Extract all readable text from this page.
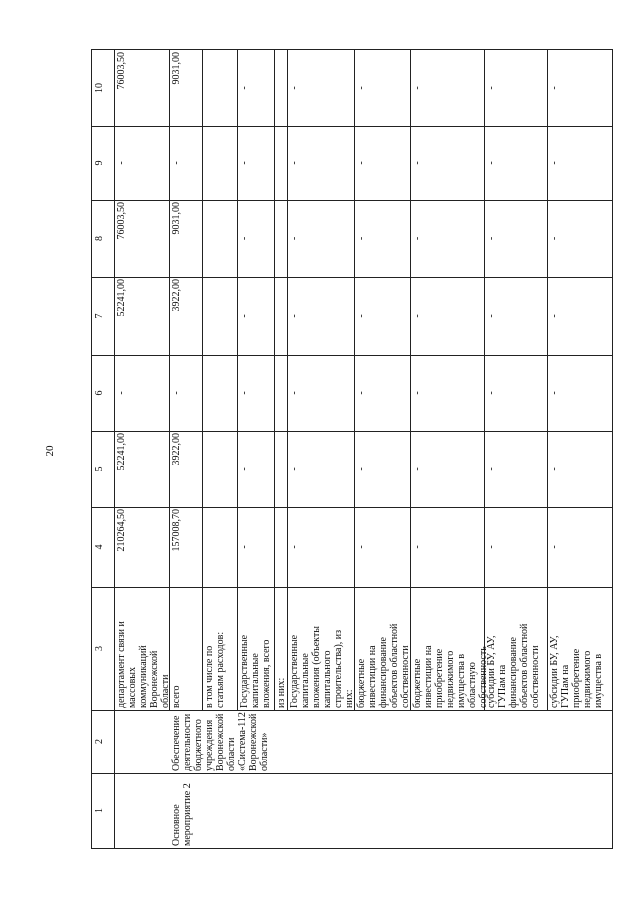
20
1
2
3
4
5
6
7
8
9
10
Основное
мероприятие 2
Обеспечение
деятельности
бюджетного
учреждения
Воронежской
области
«Система-112
Воронежской
области»
департамент связи и
массовых
коммуникаций
Воронежской
области
210264,50
52241,00
-
52241,00
76003,50
-
76003,50
всего
157008,70
3922,00
-
3922,00
9031,00
-
9031,00
в том числе по
статьям расходов:	Государственные
капитальные
вложения, всего
-
-
-
-
-
-
-
из них: Государственные
капитальные
вложения (объекты
капитального
строительства), из
них:
-
-
-
-
-
-
-
бюджетные
инвестиции на
финансирование
объектов областной
собственности
-
-
-
-
-
-
-
бюджетные
инвестиции на
приобретение
недвижимого
имущества в
областную
собственность
-
-
-
-
-
-
-
субсидии БУ, АУ,
ГУПам на
финансирование
объектов областной
собственности
-
-
-
-
-
-
-
субсидии БУ, АУ,
ГУПам на
приобретение
недвижимого
имущества в
-
-
-
-
-
-
-
